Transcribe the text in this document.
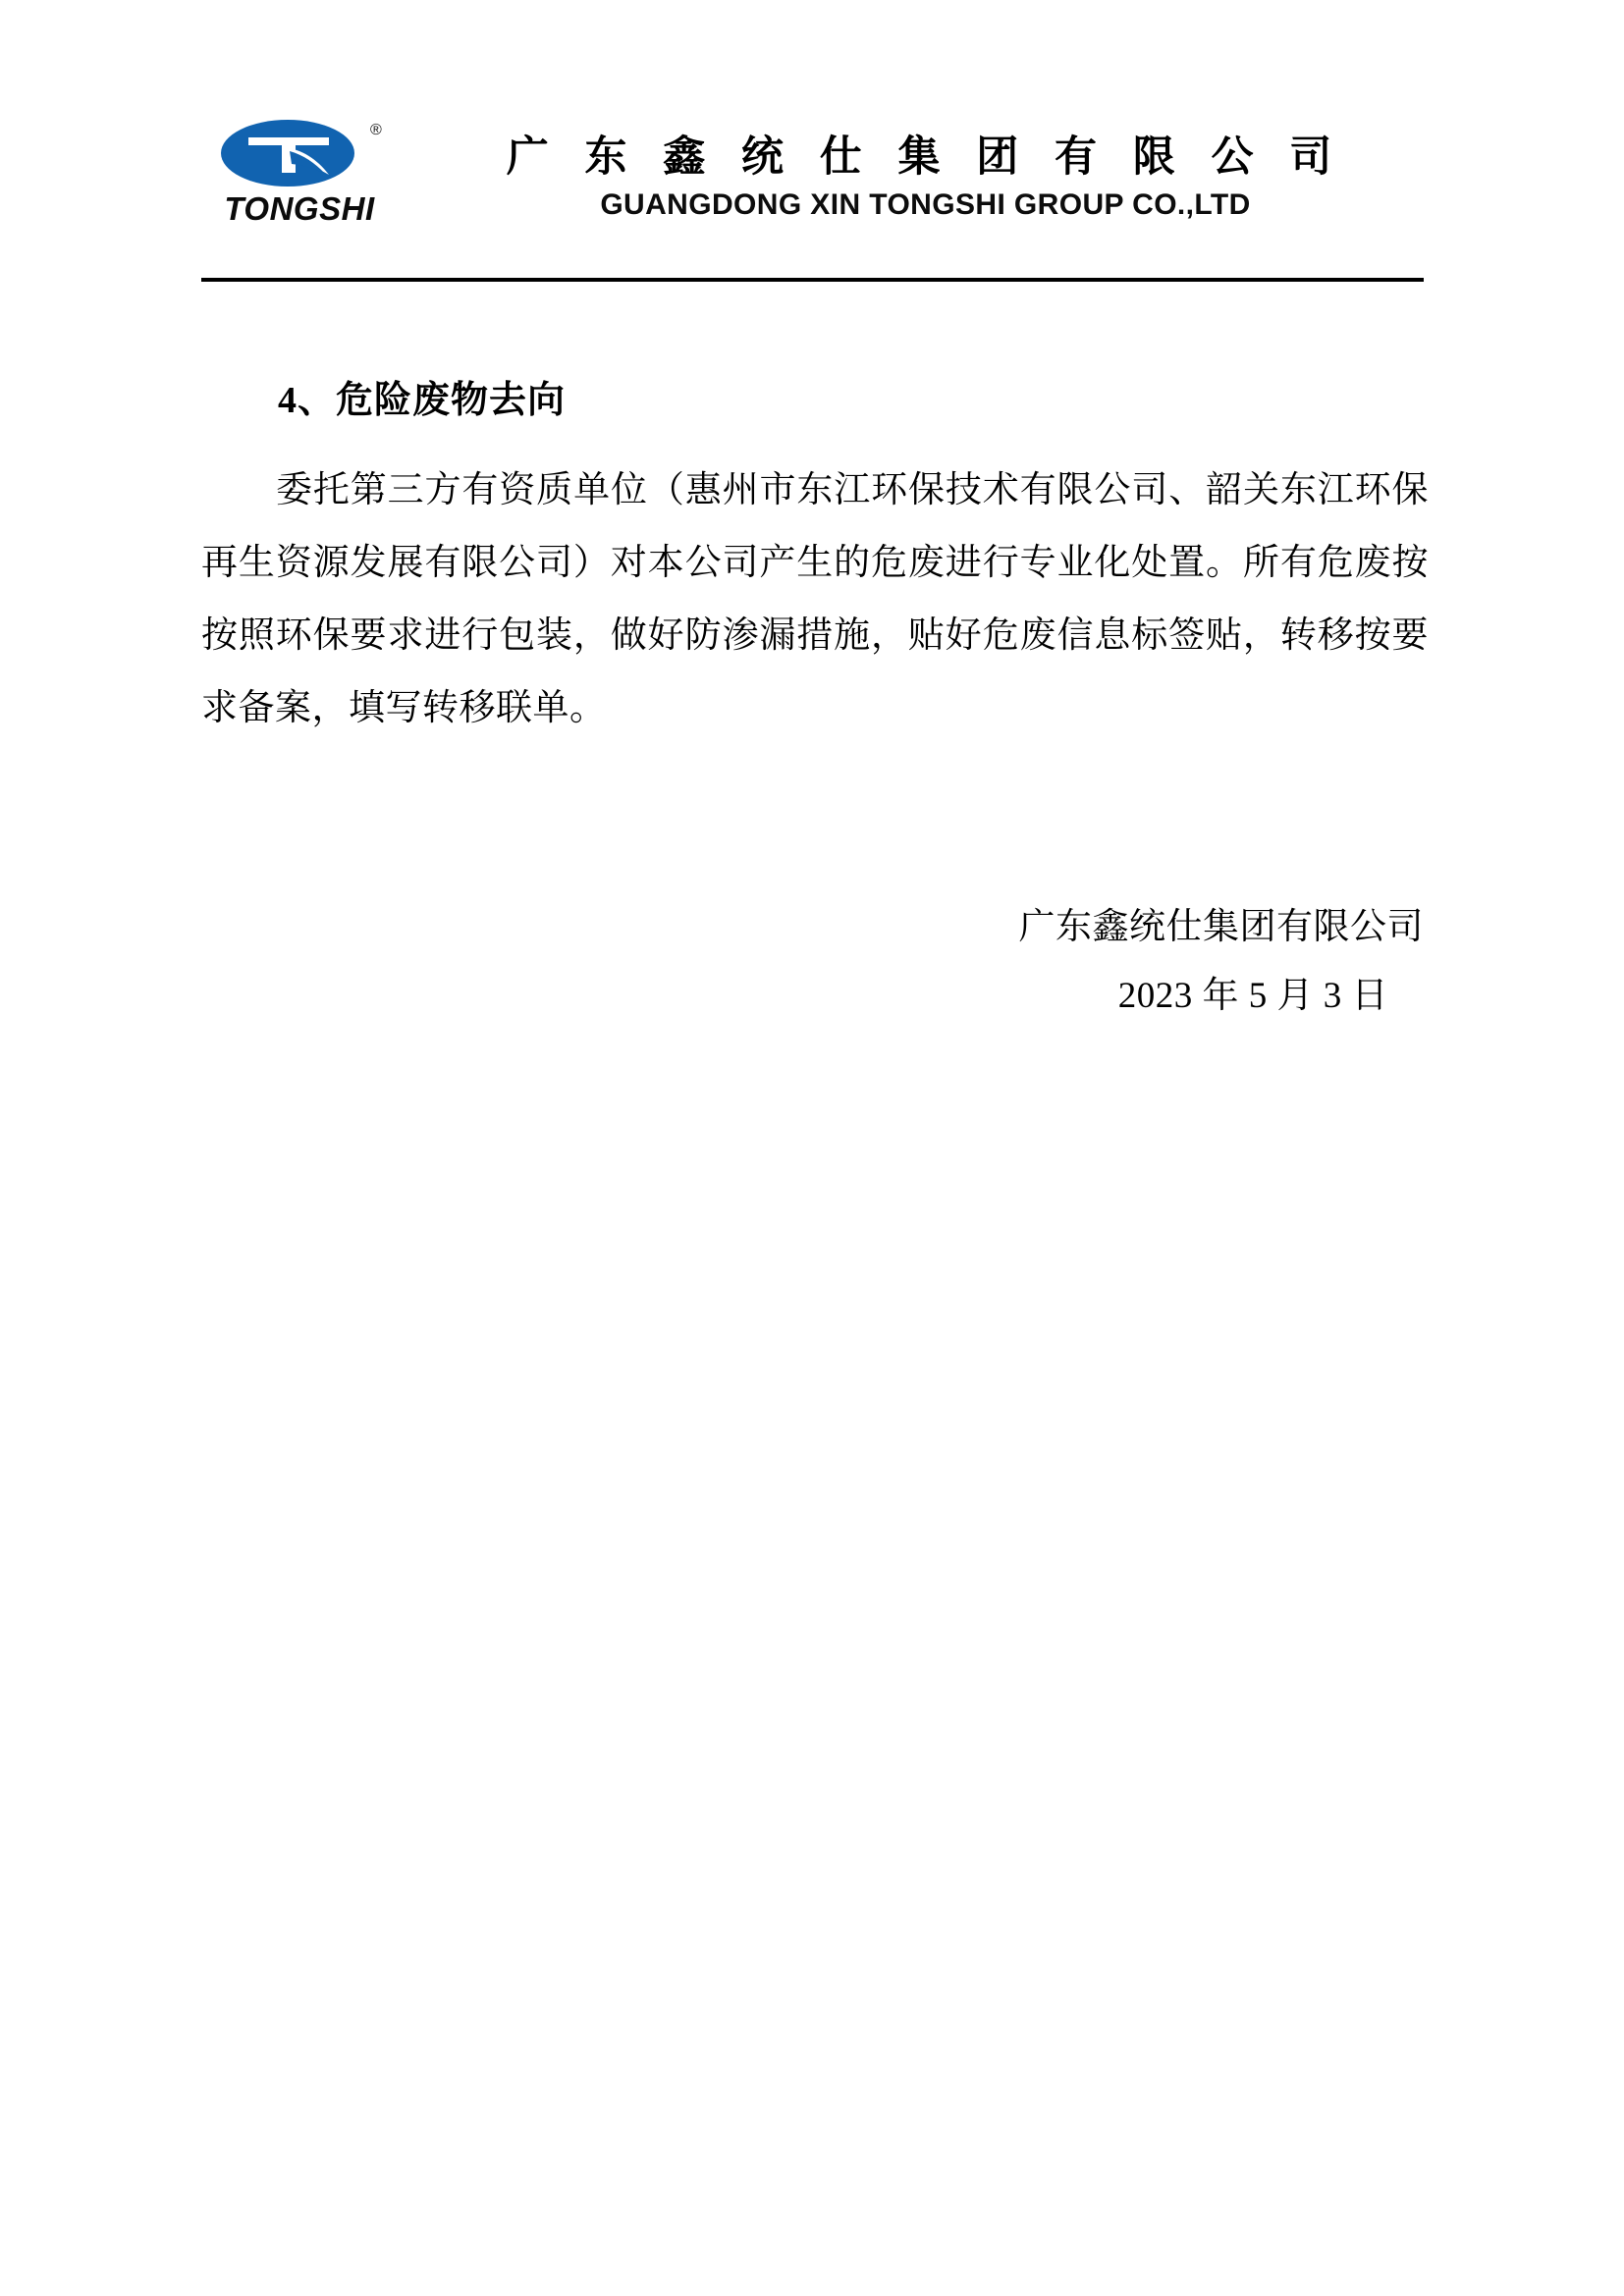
®
TONGSHI
广 东 鑫 统 仕 集 团 有 限 公 司
GUANGDONG XIN TONGSHI GROUP CO.,LTD
4、危险废物去向

委托第三方有资质单位（惠州市东江环保技术有限公司、韶关东江环保再生资源发展有限公司）对本公司产生的危废进行专业化处置。所有危废按按照环保要求进行包装，做好防渗漏措施，贴好危废信息标签贴，转移按要求备案，填写转移联单。

广东鑫统仕集团有限公司
2023 年 5 月 3 日
